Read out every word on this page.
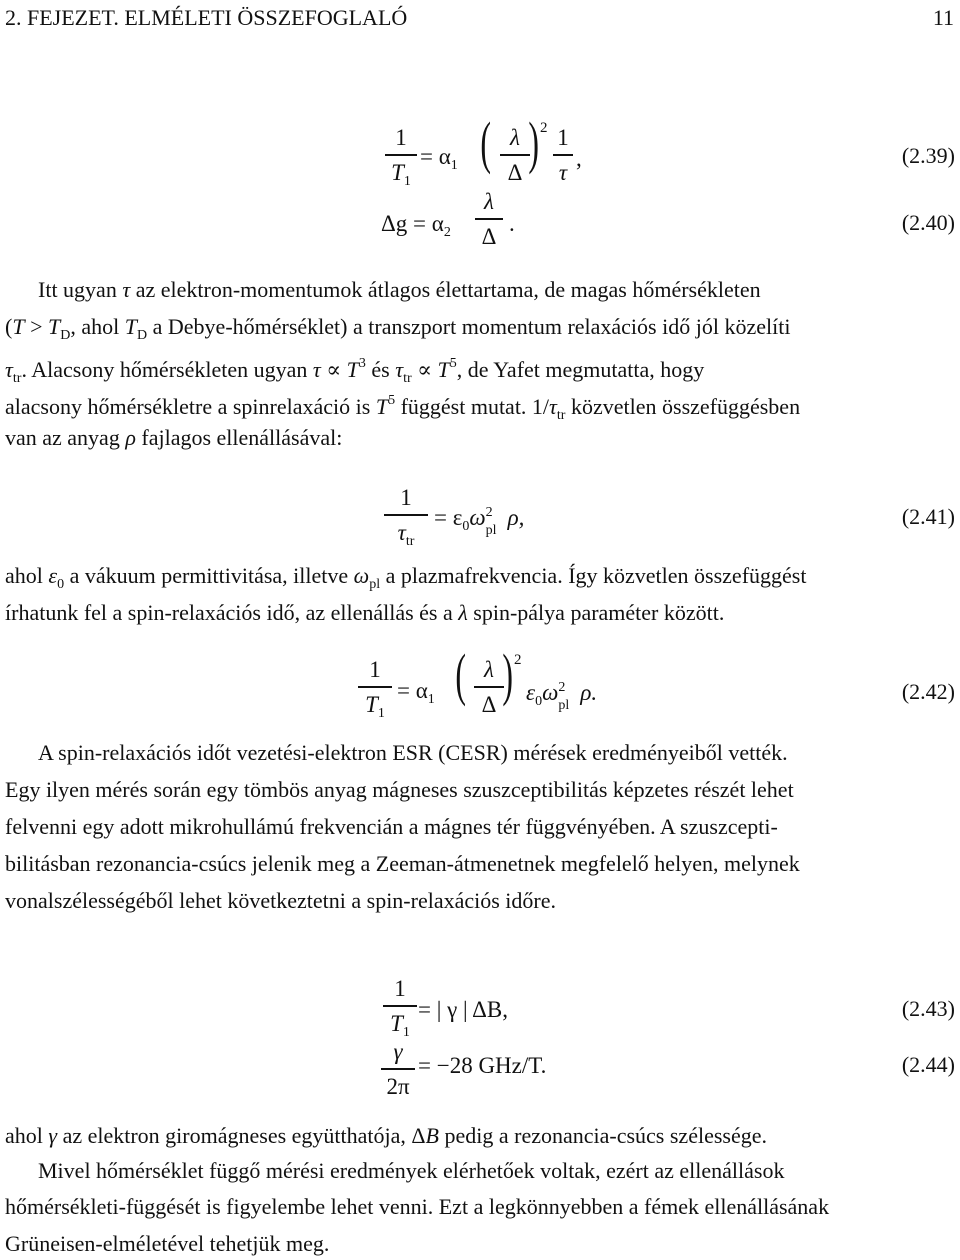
2. FEJEZET. ELMÉLETI ÖSSZEFOGLALÓ	11
1
$T_1$
= $\alpha_1$ ( λ
Δ ) 2 1
τ
,	(2.39)
$\Delta g = \alpha_2$
λ
Δ .	(2.40)
Itt ugyan τ az elektron-momentumok átlagos élettartama, de magas hőmérsékleten
($T > T_D$, ahol $T_D$ a Debye-hőmérséklet) a transzport momentum relaxációs idő jól közelíti
$\tau_{tr}$. Alacsony hőmérsékleten ugyan $\tau \propto T^3$ és $\tau_{tr} \propto T^5$, de Yafet megmutatta, hogy
alacsony hőmérsékletre a spinrelaxáció is $T^5$ függést mutat. $1/\tau_{tr}$ közvetlen összefüggésben
van az anyag ρ fajlagos ellenállásával:
1
$\tau_{tr}$
= $\varepsilon_0\omega$ 2
pl
ρ,	(2.41)
ahol $\varepsilon_0$ a vákuum permittivitása, illetve $\omega_{pl}$ a plazmafrekvencia. Így közvetlen összefüggést
írhatunk fel a spin-relaxációs idő, az ellenállás és a λ spin-pálya paraméter között.
1
$T_1$
= $\alpha_1$ ( λ
Δ ) 2
$\varepsilon_0\omega$ 2
pl
ρ.	(2.42)
A spin-relaxációs időt vezetési-elektron ESR (CESR) mérések eredményeiből vették.
Egy ilyen mérés során egy tömbös anyag mágneses szuszceptibilitás képzetes részét lehet
felvenni egy adott mikrohullámú frekvencián a mágnes tér függvényében. A szuszcepti-
bilitásban rezonancia-csúcs jelenik meg a Zeeman-átmenetnek megfelelő helyen, melynek
vonalszélességéből lehet következtetni a spin-relaxációs időre.
1
$T_1$
= | γ | ΔB,	(2.43)
γ
2π
= −28 GHz/T.	(2.44)
ahol γ az elektron giromágneses együtthatója, ΔB pedig a rezonancia-csúcs szélessége.
Mivel hőmérséklet függő mérési eredmények elérhetőek voltak, ezért az ellenállások
hőmérsékleti-függését is figyelembe lehet venni. Ezt a legkönnyebben a fémek ellenállásának
Grüneisen-elméletével tehetjük meg.
